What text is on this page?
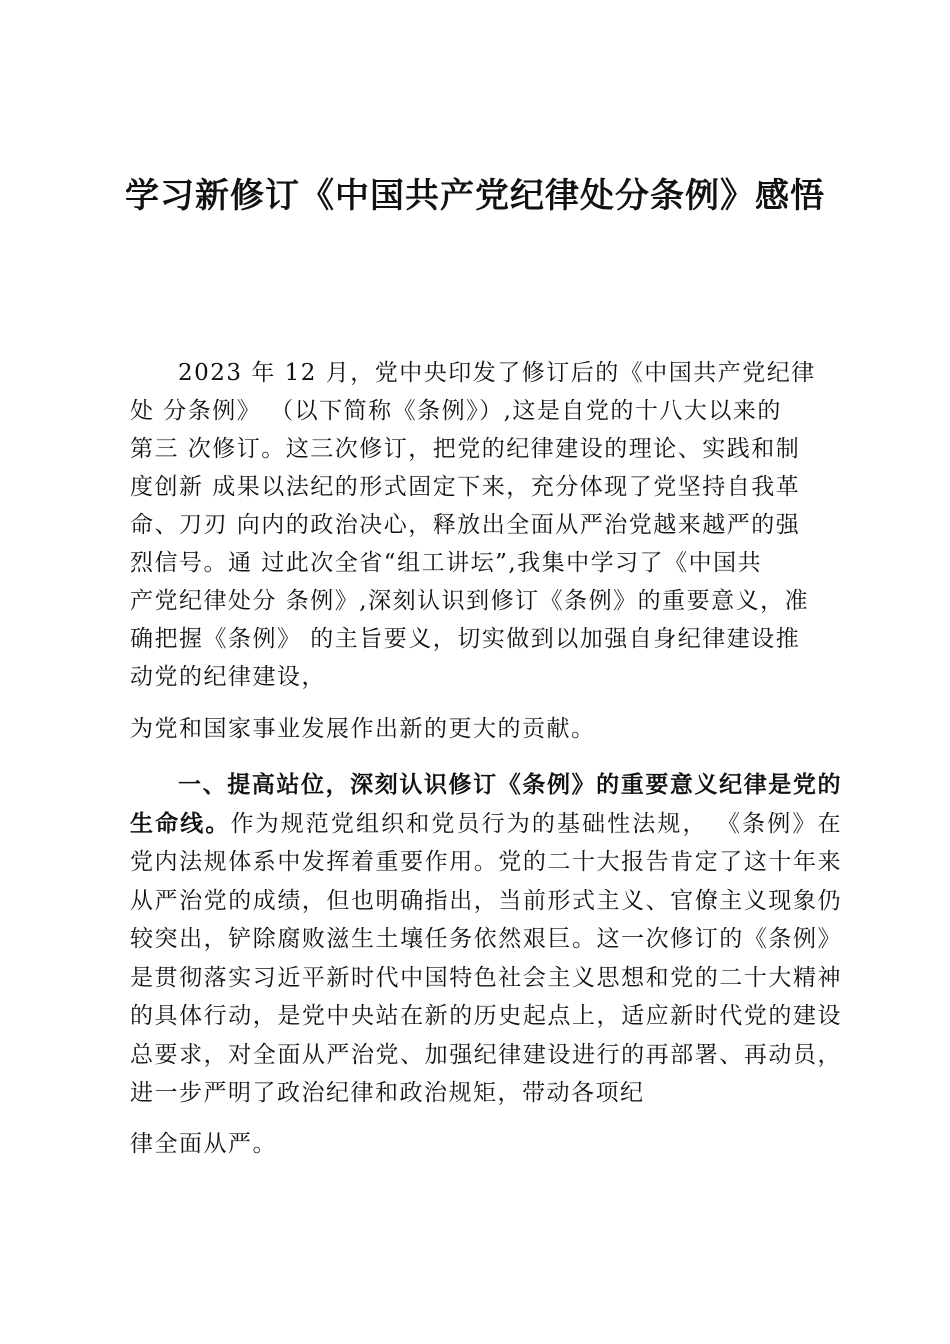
学习新修订《中国共产党纪律处分条例》感悟

2023 年 12 月，党中央印发了修订后的《中国共产党纪律
处 分条例》 （以下简称《条例》）,这是自党的十八大以来的
第三 次修订。这三次修订，把党的纪律建设的理论、实践和制
度创新 成果以法纪的形式固定下来，充分体现了党坚持自我革
命、刀刃 向内的政治决心，释放出全面从严治党越来越严的强
烈信号。通 过此次全省“组工讲坛”,我集中学习了《中国共
产党纪律处分 条例》,深刻认识到修订《条例》的重要意义，准
确把握《条例》 的主旨要义，切实做到以加强自身纪律建设推
动党的纪律建设，

为党和国家事业发展作出新的更大的贡献。

一、提高站位，深刻认识修订《条例》的重要意义纪律是党的生命线。作为规范党组织和党员行为的基础性法规， 《条例》在党内法规体系中发挥着重要作用。党的二十大报告肯定了这十年来从严治党的成绩，但也明确指出，当前形式主义、官僚主义现象仍较突出，铲除腐败滋生土壤任务依然艰巨。这一次修订的《条例》是贯彻落实习近平新时代中国特色社会主义思想和党的二十大精神的具体行动，是党中央站在新的历史起点上，适应新时代党的建设总要求，对全面从严治党、加强纪律建设进行的再部署、再动员，进一步严明了政治纪律和政治规矩，带动各项纪
律全面从严。
